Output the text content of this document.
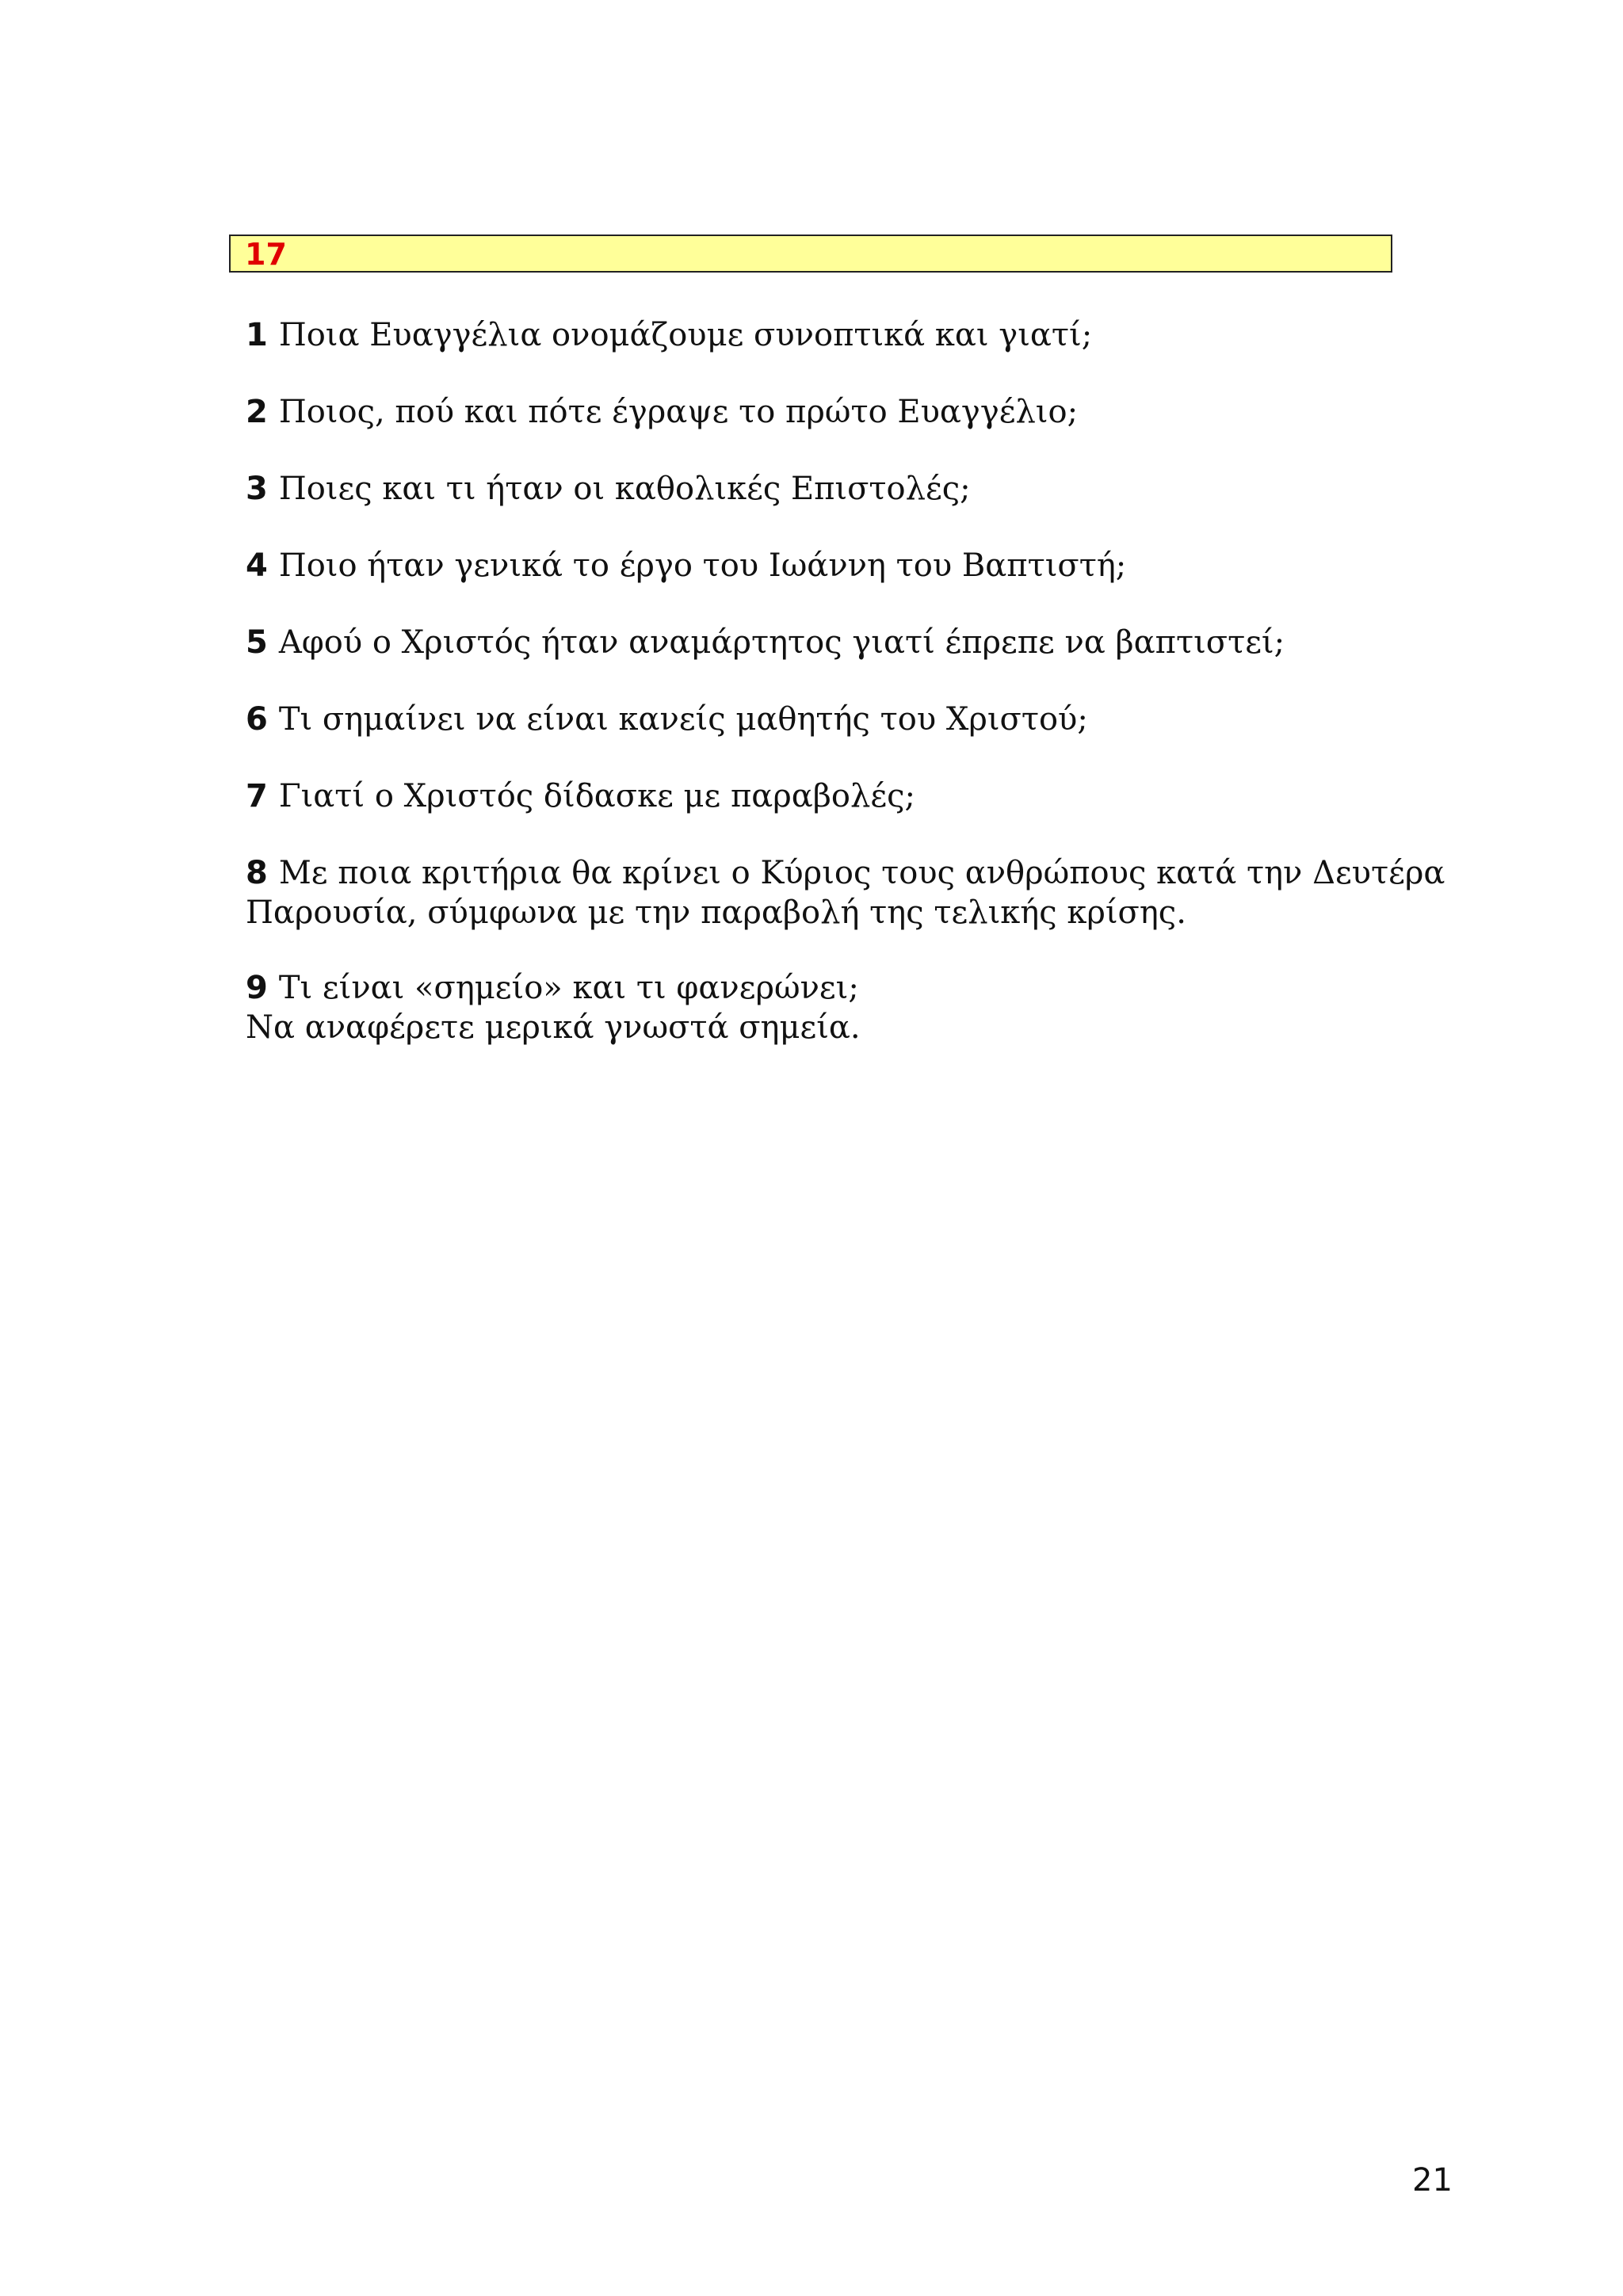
17
1 Ποια Ευαγγέλια ονομάζουμε συνοπτικά και γιατί;
2 Ποιος, πού και πότε έγραψε το πρώτο Ευαγγέλιο;
3 Ποιες και τι ήταν οι καθολικές Επιστολές;
4 Ποιο ήταν γενικά το έργο του Ιωάννη του Βαπτιστή;
5 Αφού ο Χριστός ήταν αναμάρτητος γιατί έπρεπε να βαπτιστεί;
6 Τι σημαίνει να είναι κανείς μαθητής του Χριστού;
7 Γιατί ο Χριστός δίδασκε με παραβολές;
8 Με ποια κριτήρια θα κρίνει ο Κύριος τους ανθρώπους κατά την Δευτέρα
Παρουσία, σύμφωνα με την παραβολή της τελικής κρίσης.
9 Τι είναι «σημείο» και τι φανερώνει;
Να αναφέρετε μερικά γνωστά σημεία.
21
